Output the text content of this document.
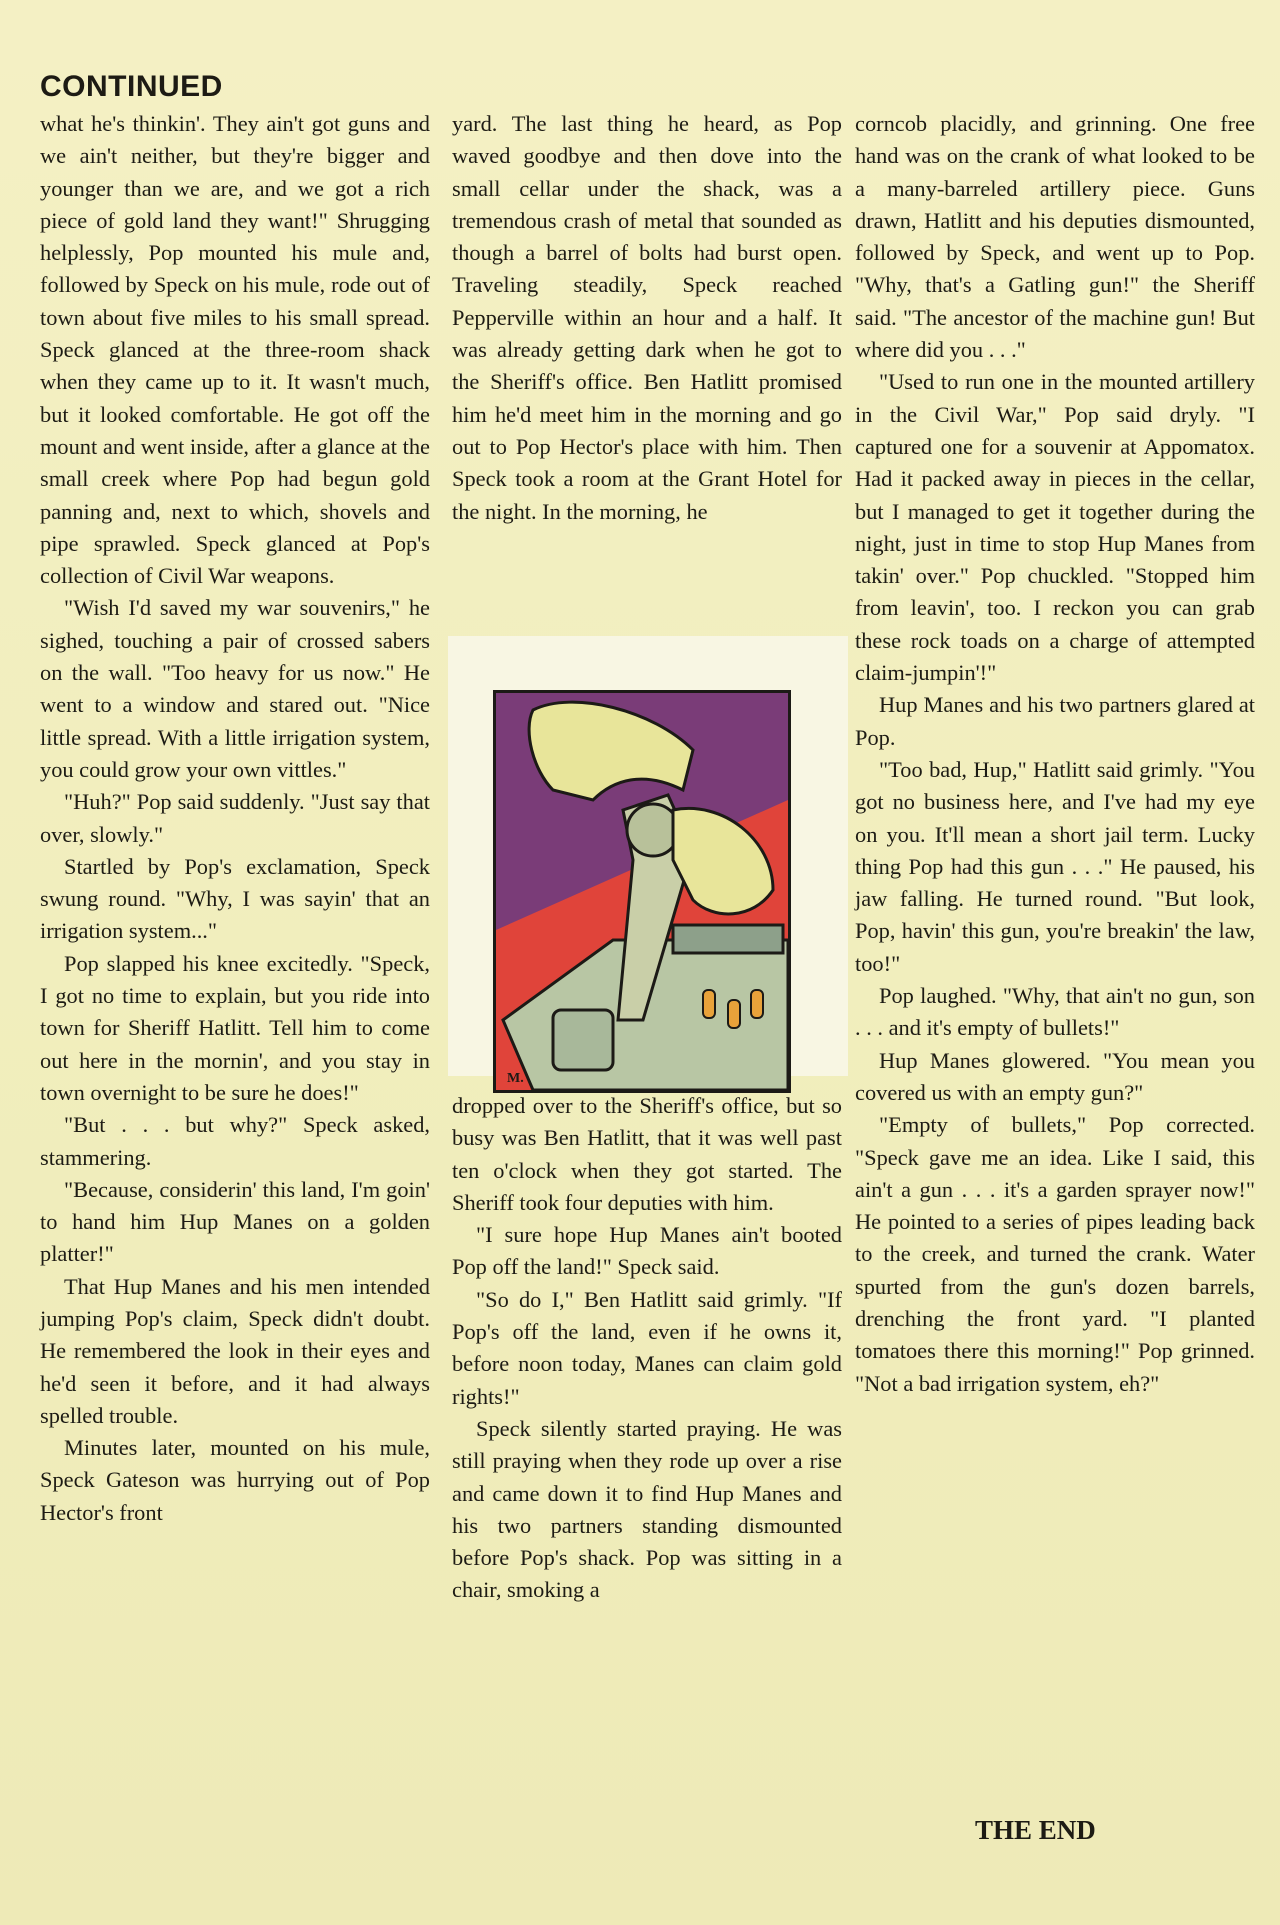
CONTINUED

what he's thinkin'. They ain't got guns and we ain't neither, but they're bigger and younger than we are, and we got a rich piece of gold land they want!" Shrugging helplessly, Pop mounted his mule and, followed by Speck on his mule, rode out of town about five miles to his small spread. Speck glanced at the three-room shack when they came up to it. It wasn't much, but it looked comfortable. He got off the mount and went inside, after a glance at the small creek where Pop had begun gold panning and, next to which, shovels and pipe sprawled. Speck glanced at Pop's collection of Civil War weapons.

"Wish I'd saved my war souvenirs," he sighed, touching a pair of crossed sabers on the wall. "Too heavy for us now." He went to a window and stared out. "Nice little spread. With a little irrigation system, you could grow your own vittles."

"Huh?" Pop said suddenly. "Just say that over, slowly."

Startled by Pop's exclamation, Speck swung round. "Why, I was sayin' that an irrigation system..."

Pop slapped his knee excitedly. "Speck, I got no time to explain, but you ride into town for Sheriff Hatlitt. Tell him to come out here in the mornin', and you stay in town overnight to be sure he does!"

"But . . . but why?" Speck asked, stammering.

"Because, considerin' this land, I'm goin' to hand him Hup Manes on a golden platter!"

That Hup Manes and his men intended jumping Pop's claim, Speck didn't doubt. He remembered the look in their eyes and he'd seen it before, and it had always spelled trouble.

Minutes later, mounted on his mule, Speck Gateson was hurrying out of Pop Hector's front

yard. The last thing he heard, as Pop waved goodbye and then dove into the small cellar under the shack, was a tremendous crash of metal that sounded as though a barrel of bolts had burst open. Traveling steadily, Speck reached Pepperville within an hour and a half. It was already getting dark when he got to the Sheriff's office. Ben Hatlitt promised him he'd meet him in the morning and go out to Pop Hector's place with him. Then Speck took a room at the Grant Hotel for the night. In the morning, he

M.

dropped over to the Sheriff's office, but so busy was Ben Hatlitt, that it was well past ten o'clock when they got started. The Sheriff took four deputies with him.

"I sure hope Hup Manes ain't booted Pop off the land!" Speck said.

"So do I," Ben Hatlitt said grimly. "If Pop's off the land, even if he owns it, before noon today, Manes can claim gold rights!"

Speck silently started praying. He was still praying when they rode up over a rise and came down it to find Hup Manes and his two partners standing dismounted before Pop's shack. Pop was sitting in a chair, smoking a

corncob placidly, and grinning. One free hand was on the crank of what looked to be a many-barreled artillery piece. Guns drawn, Hatlitt and his deputies dismounted, followed by Speck, and went up to Pop. "Why, that's a Gatling gun!" the Sheriff said. "The ancestor of the machine gun! But where did you . . ."

"Used to run one in the mounted artillery in the Civil War," Pop said dryly. "I captured one for a souvenir at Appomatox. Had it packed away in pieces in the cellar, but I managed to get it together during the night, just in time to stop Hup Manes from takin' over." Pop chuckled. "Stopped him from leavin', too. I reckon you can grab these rock toads on a charge of attempted claim-jumpin'!"

Hup Manes and his two partners glared at Pop.

"Too bad, Hup," Hatlitt said grimly. "You got no business here, and I've had my eye on you. It'll mean a short jail term. Lucky thing Pop had this gun . . ." He paused, his jaw falling. He turned round. "But look, Pop, havin' this gun, you're breakin' the law, too!"

Pop laughed. "Why, that ain't no gun, son . . . and it's empty of bullets!"

Hup Manes glowered. "You mean you covered us with an empty gun?"

"Empty of bullets," Pop corrected. "Speck gave me an idea. Like I said, this ain't a gun . . . it's a garden sprayer now!" He pointed to a series of pipes leading back to the creek, and turned the crank. Water spurted from the gun's dozen barrels, drenching the front yard. "I planted tomatoes there this morning!" Pop grinned. "Not a bad irrigation system, eh?"

THE END
